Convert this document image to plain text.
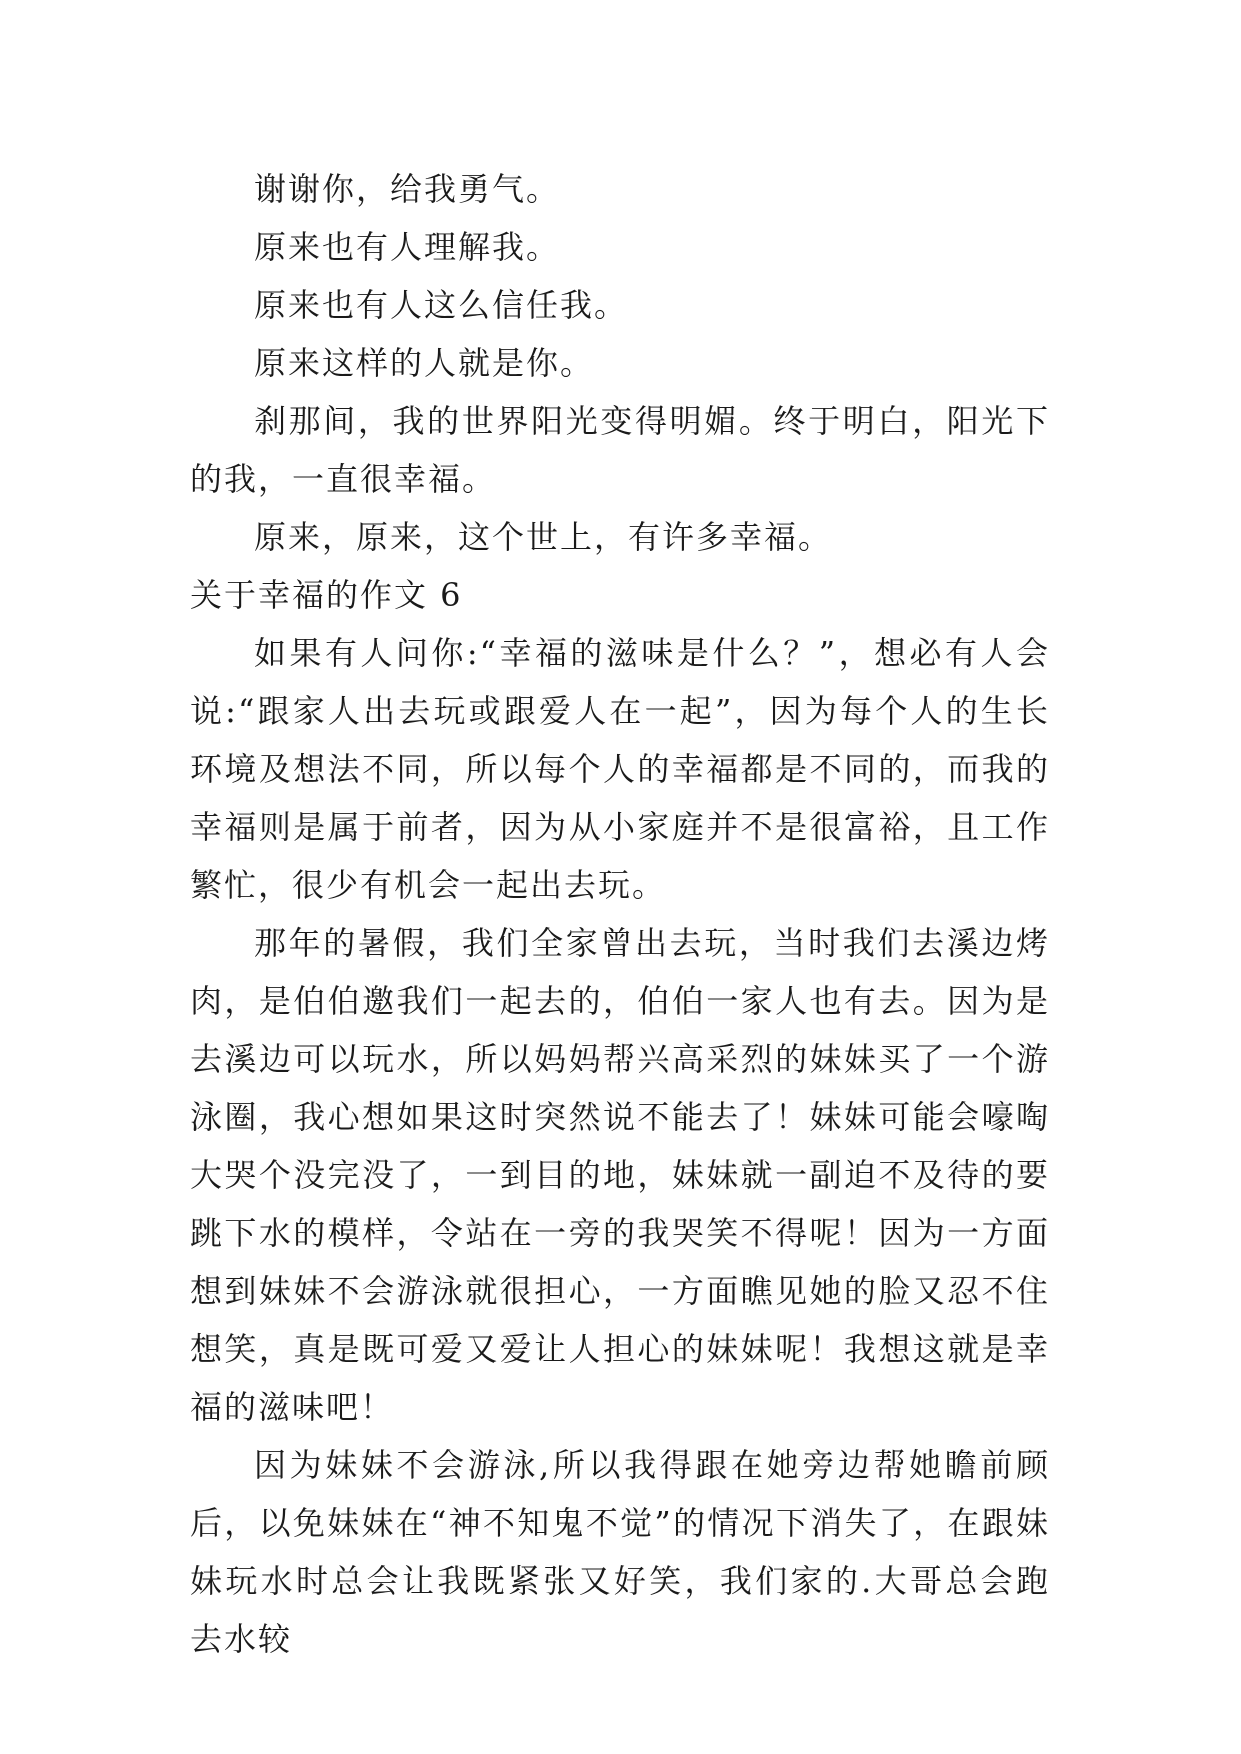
谢谢你，给我勇气。

原来也有人理解我。

原来也有人这么信任我。

原来这样的人就是你。

刹那间，我的世界阳光变得明媚。终于明白，阳光下的我，一直很幸福。

原来，原来，这个世上，有许多幸福。

关于幸福的作文 6

如果有人问你:“幸福的滋味是什么？”，想必有人会说:“跟家人出去玩或跟爱人在一起”，因为每个人的生长环境及想法不同，所以每个人的幸福都是不同的，而我的幸福则是属于前者，因为从小家庭并不是很富裕，且工作繁忙，很少有机会一起出去玩。

那年的暑假，我们全家曾出去玩，当时我们去溪边烤肉，是伯伯邀我们一起去的，伯伯一家人也有去。因为是去溪边可以玩水，所以妈妈帮兴高采烈的妹妹买了一个游泳圈，我心想如果这时突然说不能去了！妹妹可能会嚎啕大哭个没完没了，一到目的地，妹妹就一副迫不及待的要跳下水的模样，令站在一旁的我哭笑不得呢！因为一方面想到妹妹不会游泳就很担心，一方面瞧见她的脸又忍不住想笑，真是既可爱又爱让人担心的妹妹呢！我想这就是幸福的滋味吧！

因为妹妹不会游泳,所以我得跟在她旁边帮她瞻前顾后，以免妹妹在“神不知鬼不觉”的情况下消失了，在跟妹妹玩水时总会让我既紧张又好笑，我们家的.大哥总会跑去水较
